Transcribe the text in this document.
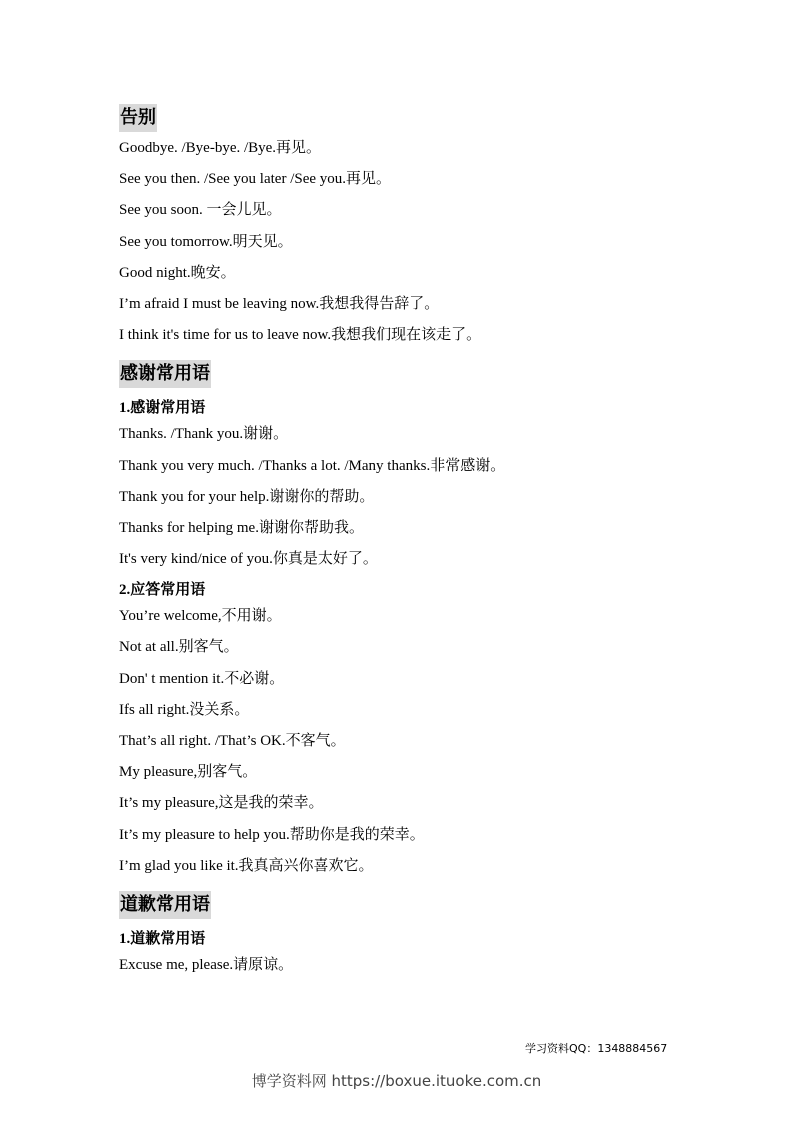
告别
Goodbye. /Bye-bye. /Bye.再见。
See you then. /See you later /See you.再见。
See you soon. 一会儿见。
See you tomorrow.明天见。
Good night.晚安。
I’m afraid I must be leaving now.我想我得告辞了。
I think it's time for us to leave now.我想我们现在该走了。
感谢常用语
1.感谢常用语
Thanks. /Thank you.谢谢。
Thank you very much. /Thanks a lot. /Many thanks.非常感谢。
Thank you for your help.谢谢你的帮助。
Thanks for helping me.谢谢你帮助我。
It's very kind/nice of you.你真是太好了。
2.应答常用语
You’re welcome,不用谢。
Not at all.别客气。
Don' t mention it.不必谢。
Ifs all right.没关系。
That’s all right. /That’s OK.不客气。
My pleasure,别客气。
It’s my pleasure,这是我的荣幸。
It’s my pleasure to help you.帮助你是我的荣幸。
I’m glad you like it.我真高兴你喜欢它。
道歉常用语
1.道歉常用语
Excuse me, please.请原谅。
学习资料QQ：1348884567
博学资料网 https://boxue.ituoke.com.cn
